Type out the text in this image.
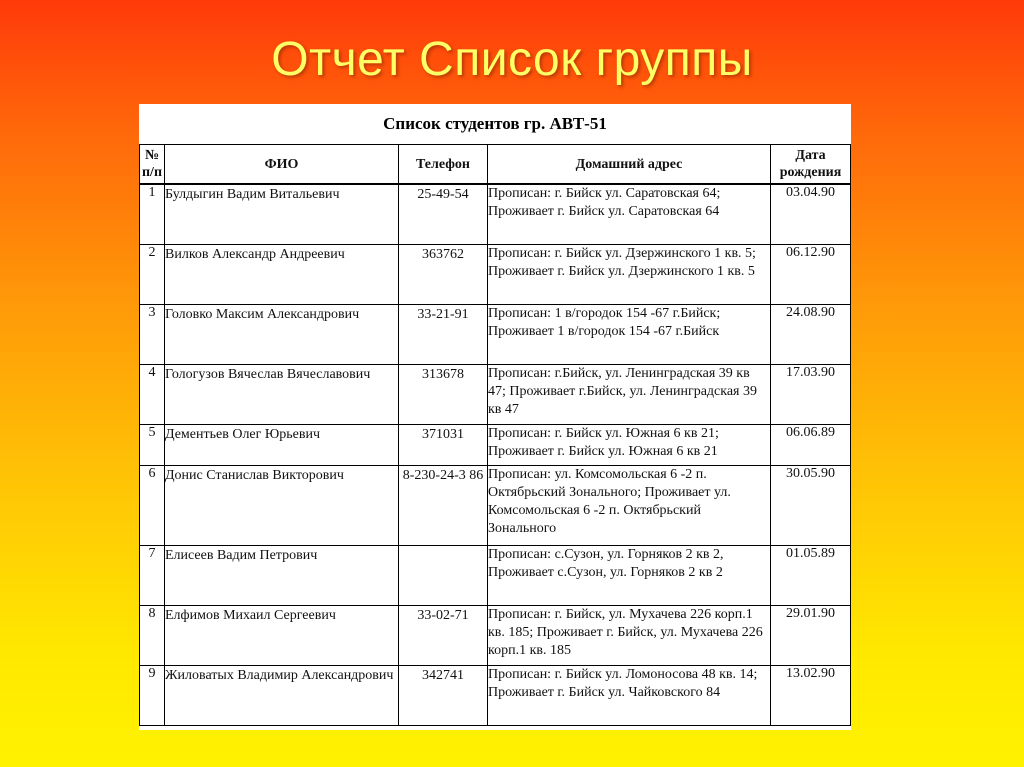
Отчет Список группы
Список студентов гр. АВТ-51
№ п/п	ФИО	Телефон	Домашний адрес	Дата рождения
1	Булдыгин Вадим Витальевич	25-49-54	Прописан: г. Бийск ул. Саратовская 64; Проживает г. Бийск ул. Саратовская 64	03.04.90
2	Вилков Александр Андреевич	363762	Прописан: г. Бийск ул. Дзержинского 1 кв. 5; Проживает г. Бийск ул. Дзержинского 1 кв. 5	06.12.90
3	Головко Максим Александрович	33-21-91	Прописан: 1 в/городок 154 -67 г.Бийск; Проживает 1 в/городок 154 -67 г.Бийск	24.08.90
4	Гологузов Вячеслав Вячеславович	313678	Прописан: г.Бийск, ул. Ленинградская 39 кв 47; Проживает г.Бийск, ул. Ленинградская 39 кв 47	17.03.90
5	Дементьев Олег Юрьевич	371031	Прописан: г. Бийск ул. Южная 6 кв 21; Проживает г. Бийск ул. Южная 6 кв 21	06.06.89
6	Донис Станислав Викторович	8-230-24-3 86	Прописан: ул. Комсомольская 6 -2 п. Октябрьский Зонального; Проживает ул. Комсомольская 6 -2 п. Октябрьский Зонального	30.05.90
7	Елисеев Вадим Петрович		Прописан: с.Сузон, ул. Горняков 2 кв 2, Проживает с.Сузон, ул. Горняков 2 кв 2	01.05.89
8	Елфимов Михаил Сергеевич	33-02-71	Прописан: г. Бийск, ул. Мухачева 226 корп.1 кв. 185; Проживает г. Бийск, ул. Мухачева 226 корп.1 кв. 185	29.01.90
9	Жиловатых Владимир Александрович	342741	Прописан: г. Бийск ул. Ломоносова 48 кв. 14; Проживает г. Бийск ул. Чайковского 84	13.02.90
